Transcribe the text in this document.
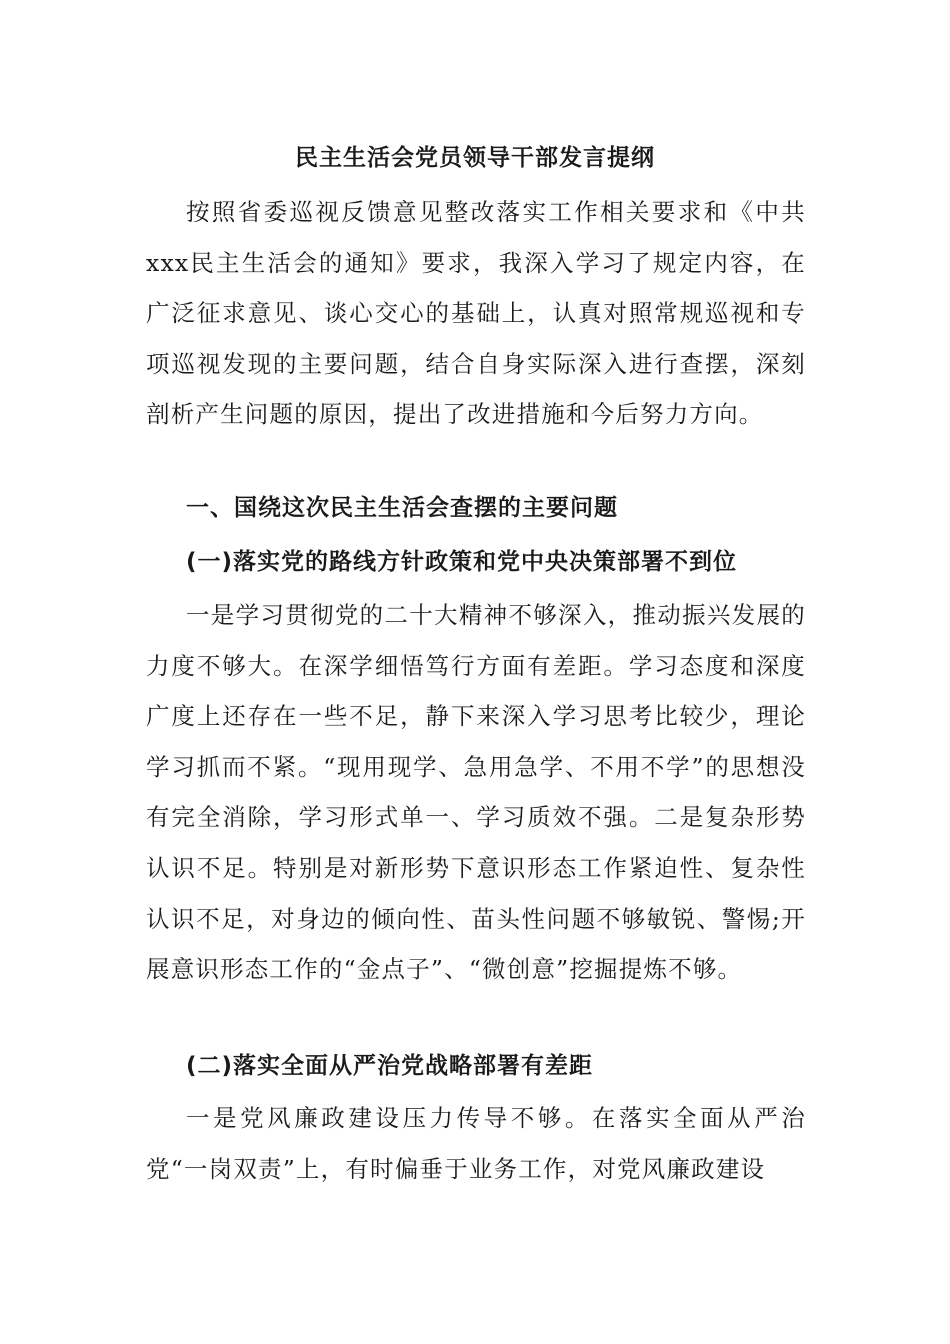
民主生活会党员领导干部发言提纲

按照省委巡视反馈意见整改落实工作相关要求和《中共xxx民主生活会的通知》要求，我深入学习了规定内容，在广泛征求意见、谈心交心的基础上，认真对照常规巡视和专项巡视发现的主要问题，结合自身实际深入进行查摆，深刻剖析产生问题的原因，提出了改进措施和今后努力方向。

一、国绕这次民主生活会查摆的主要问题
(一)落实党的路线方针政策和党中央决策部署不到位

一是学习贯彻党的二十大精神不够深入，推动振兴发展的力度不够大。在深学细悟笃行方面有差距。学习态度和深度广度上还存在一些不足，静下来深入学习思考比较少，理论学习抓而不紧。“现用现学、急用急学、不用不学”的思想没有完全消除，学习形式单一、学习质效不强。二是复杂形势认识不足。特别是对新形势下意识形态工作紧迫性、复杂性认识不足，对身边的倾向性、苗头性问题不够敏锐、警惕;开展意识形态工作的“金点子”、“微创意”挖掘提炼不够。

(二)落实全面从严治党战略部署有差距

一是党风廉政建设压力传导不够。在落实全面从严治党“一岗双责”上，有时偏垂于业务工作，对党风廉政建设
